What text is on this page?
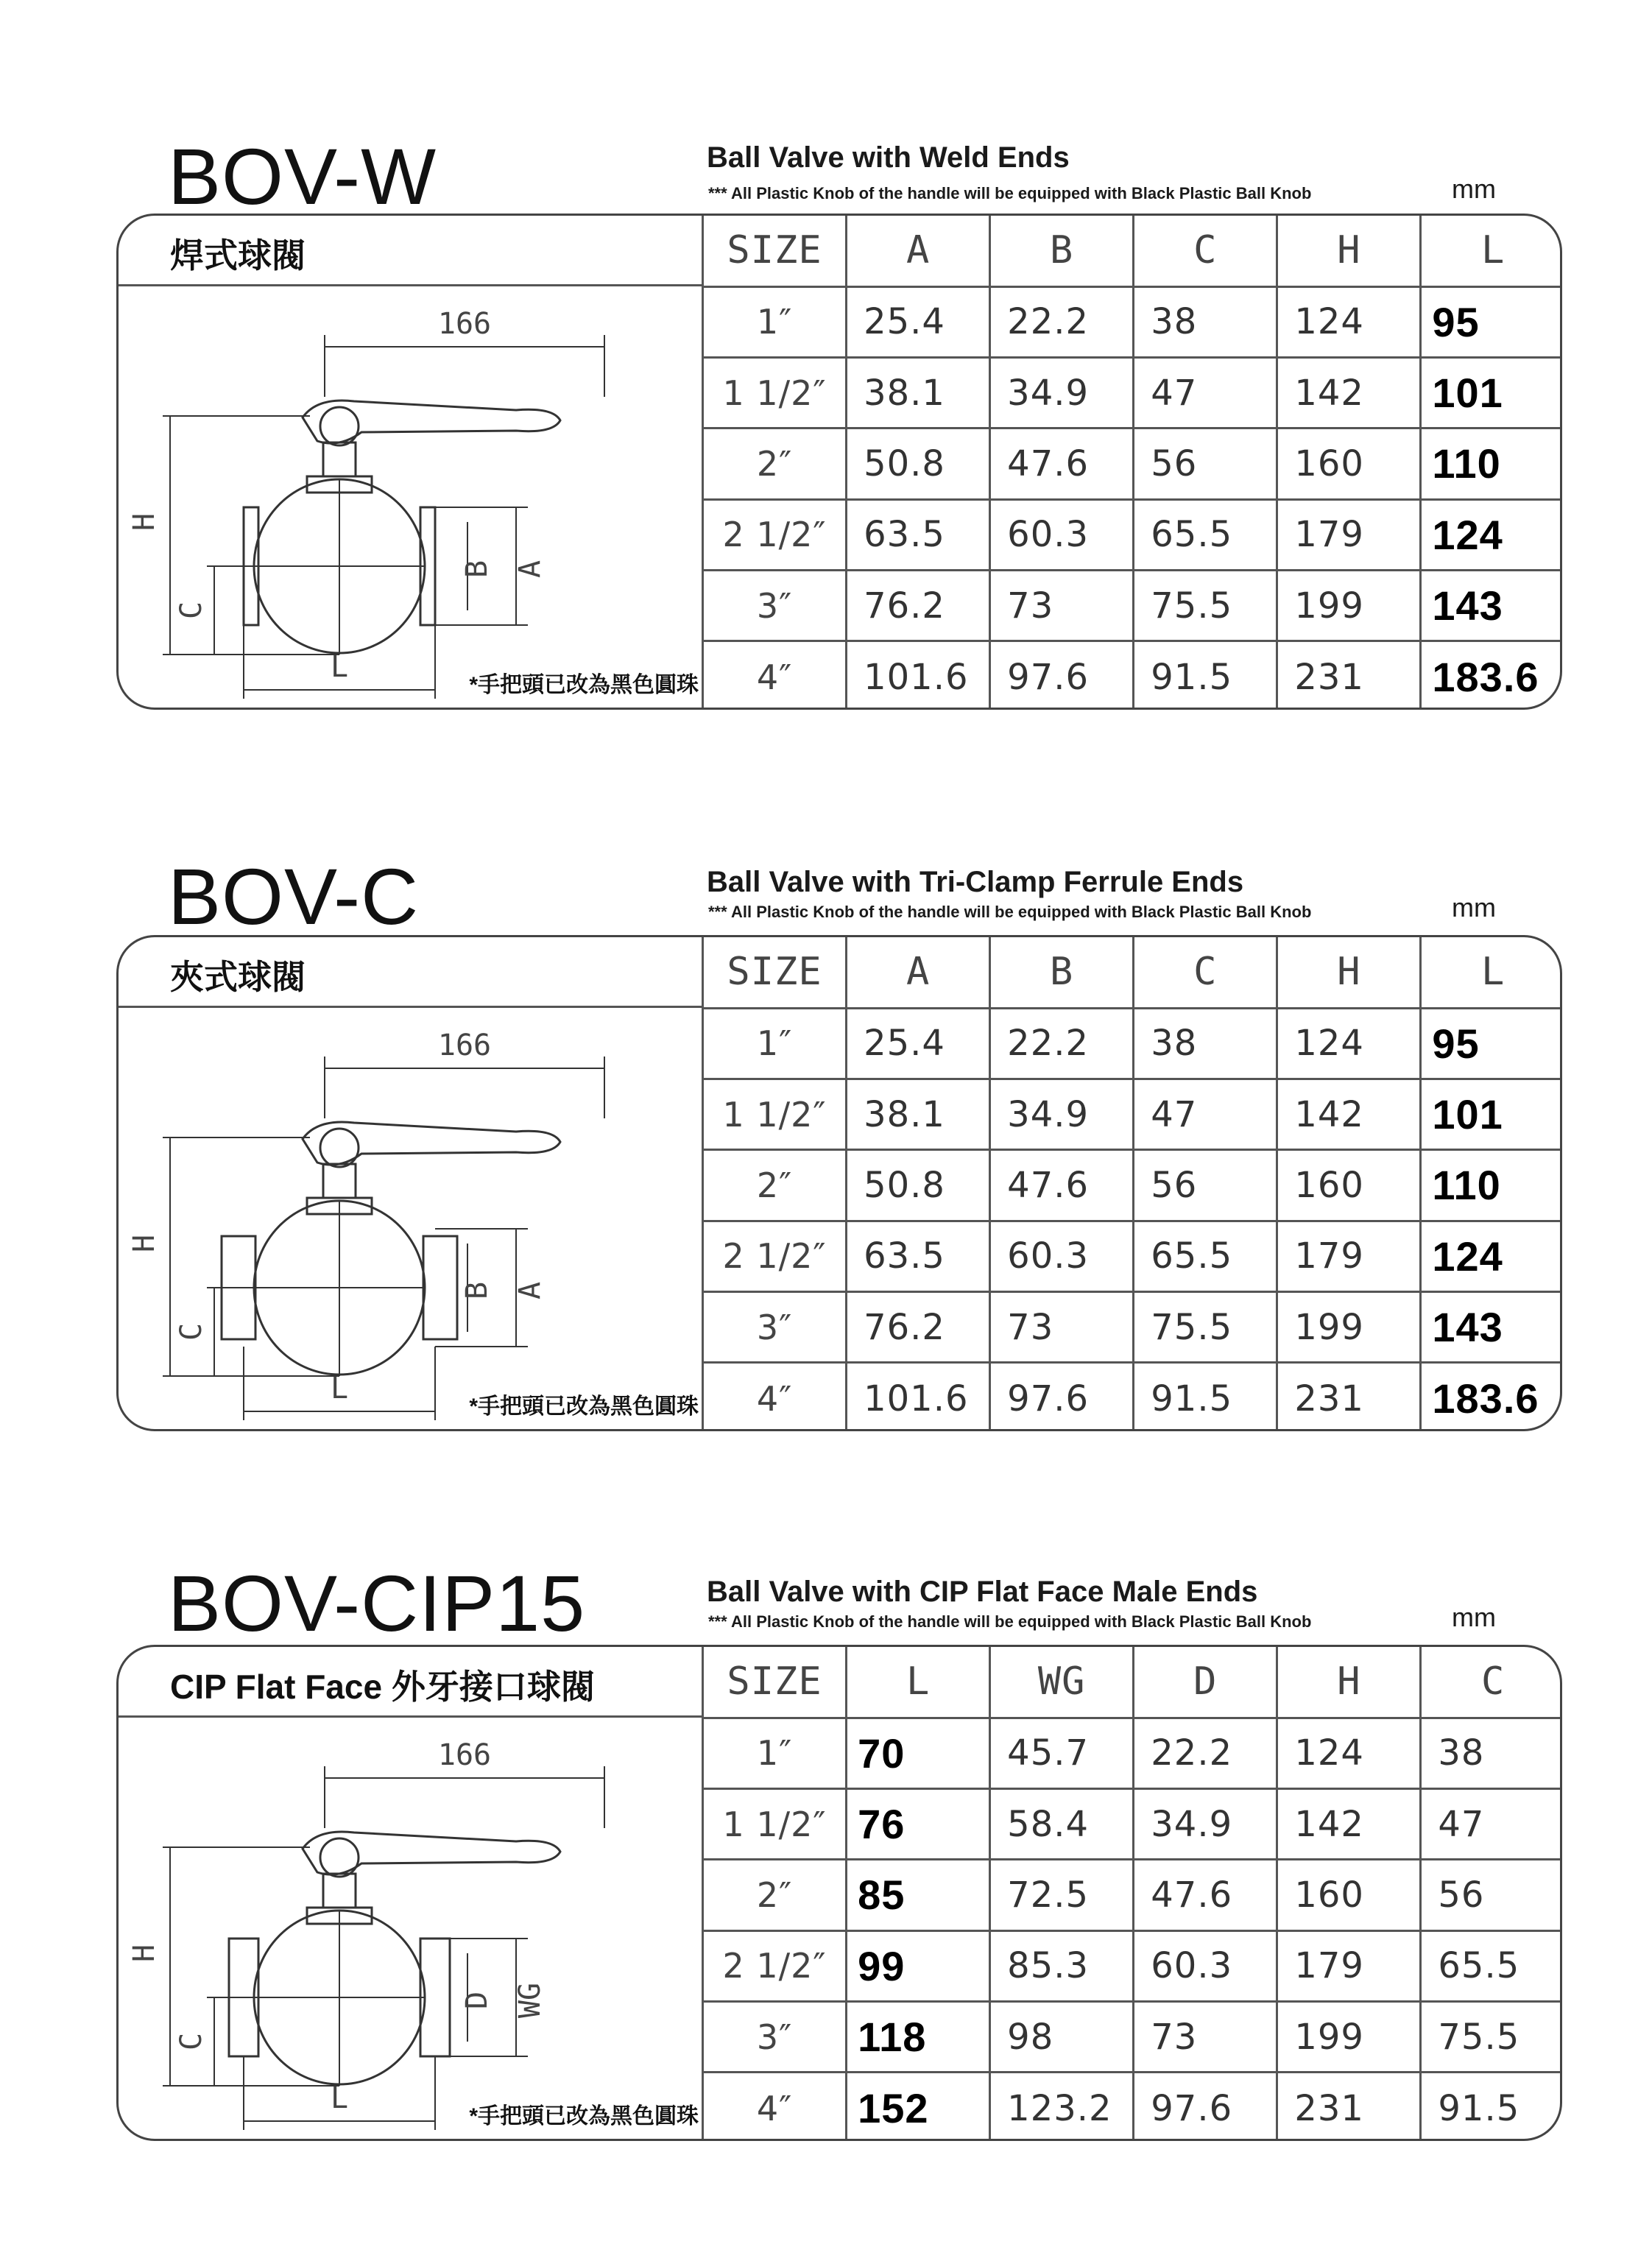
BOV-W	Ball Valve with Weld Ends
*** All Plastic Knob of the handle will be equipped with Black Plastic Ball Knob	mm
焊式球閥
166
H
C
L
B A
*手把頭已改為黑色圓珠
SIZE	A	B	C	H	L
1″	25.4	22.2	38	124	95
1 1/2″	38.1	34.9	47	142	101
2″	50.8	47.6	56	160	110
2 1/2″	63.5	60.3	65.5	179	124
3″	76.2	73	75.5	199	143
4″	101.6	97.6	91.5	231	183.6
BOV-C	Ball Valve with Tri-Clamp Ferrule Ends
*** All Plastic Knob of the handle will be equipped with Black Plastic Ball Knob	mm
夾式球閥
166
H
C
L
B A
*手把頭已改為黑色圓珠
SIZE	A	B	C	H	L
1″	25.4	22.2	38	124	95
1 1/2″	38.1	34.9	47	142	101
2″	50.8	47.6	56	160	110
2 1/2″	63.5	60.3	65.5	179	124
3″	76.2	73	75.5	199	143
4″	101.6	97.6	91.5	231	183.6
BOV-CIP15	Ball Valve with CIP Flat Face Male Ends
*** All Plastic Knob of the handle will be equipped with Black Plastic Ball Knob	mm
CIP Flat Face 外牙接口球閥
166
H
C
L
D WG
*手把頭已改為黑色圓珠
SIZE	L	WG	D	H	C
1″	70	45.7	22.2	124	38
1 1/2″	76	58.4	34.9	142	47
2″	85	72.5	47.6	160	56
2 1/2″	99	85.3	60.3	179	65.5
3″	118	98	73	199	75.5
4″	152	123.2	97.6	231	91.5
